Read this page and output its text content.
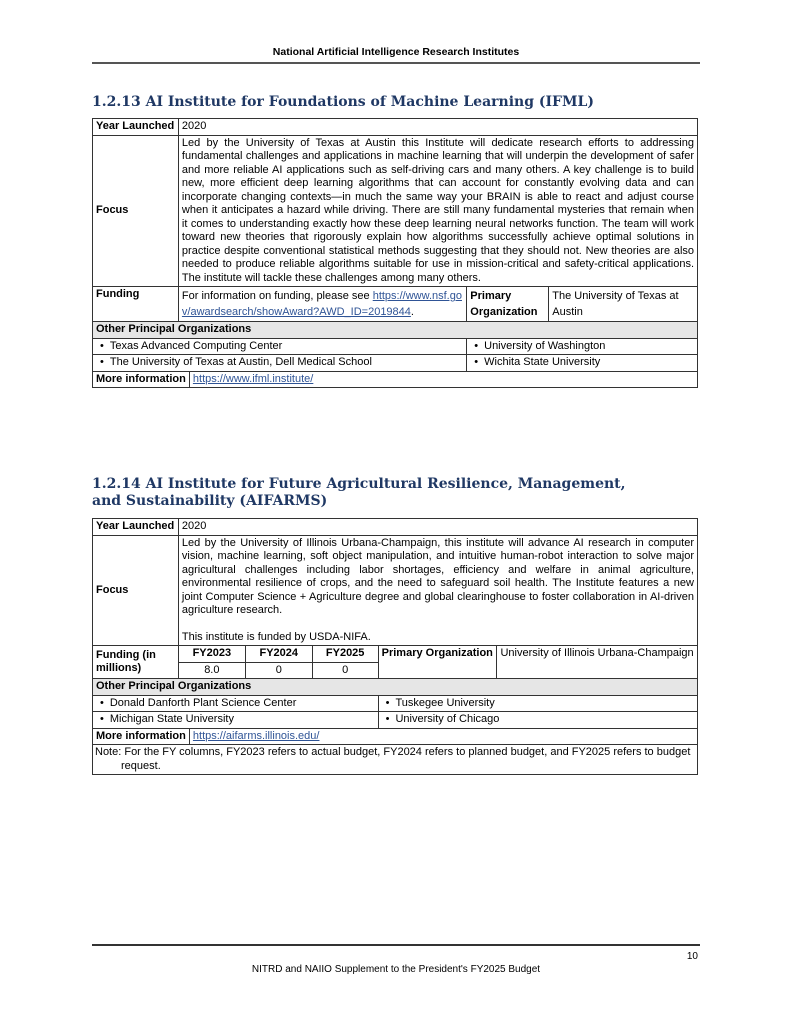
National Artificial Intelligence Research Institutes
1.2.13 AI Institute for Foundations of Machine Learning (IFML)
Year Launched	2020		
Focus	Led by the University of Texas at Austin this Institute will dedicate research efforts to addressing fundamental challenges and applications in machine learning that will underpin the development of safer and more reliable AI applications such as self-driving cars and many others. A key challenge is to build new, more efficient deep learning algorithms that can account for constantly evolving data and can incorporate changing contexts—in much the same way your BRAIN is able to react and adjust course when it anticipates a hazard while driving. There are still many fundamental mysteries that remain when it comes to understanding exactly how these deep learning neural networks function. The team will work toward new theories that rigorously explain how algorithms successfully achieve optimal solutions in practice despite conventional statistical methods suggesting that they should not. New theories are also needed to produce reliable algorithms suitable for use in mission-critical and safety-critical applications. The institute will tackle these challenges among many others.		
Funding	For information on funding, please see https://www.nsf.gov/awardsearch/showAward?AWD_ID=2019844.	Primary Organization	The University of Texas at Austin
Other Principal Organizations			
• Texas Advanced Computing Center		• University of Washington
• The University of Texas at Austin, Dell Medical School		• Wichita State University
More information https://www.ifml.institute/			
1.2.14 AI Institute for Future Agricultural Resilience, Management, and Sustainability (AIFARMS)
Year Launched	2020				
Focus	Led by the University of Illinois Urbana-Champaign, this institute will advance AI research in computer vision, machine learning, soft object manipulation, and intuitive human-robot interaction to solve major agricultural challenges including labor shortages, efficiency and welfare in animal agriculture, environmental resilience of crops, and the need to safeguard soil health. The Institute features a new joint Computer Science + Agriculture degree and global clearinghouse to foster collaboration in AI-driven agriculture research.
This institute is funded by USDA-NIFA.				

Funding (in millions)	FY2023	FY2024	FY2025	Primary Organization	University of Illinois Urbana-Champaign
	8.0	0	0		
Other Principal Organizations					
• Donald Danforth Plant Science Center				• Tuskegee University
• Michigan State University				• University of Chicago
More information https://aifarms.illinois.edu/					
Note: For the FY columns, FY2023 refers to actual budget, FY2024 refers to planned budget, and FY2025 refers to budget request.					
10
NITRD and NAIIO Supplement to the President's FY2025 Budget
